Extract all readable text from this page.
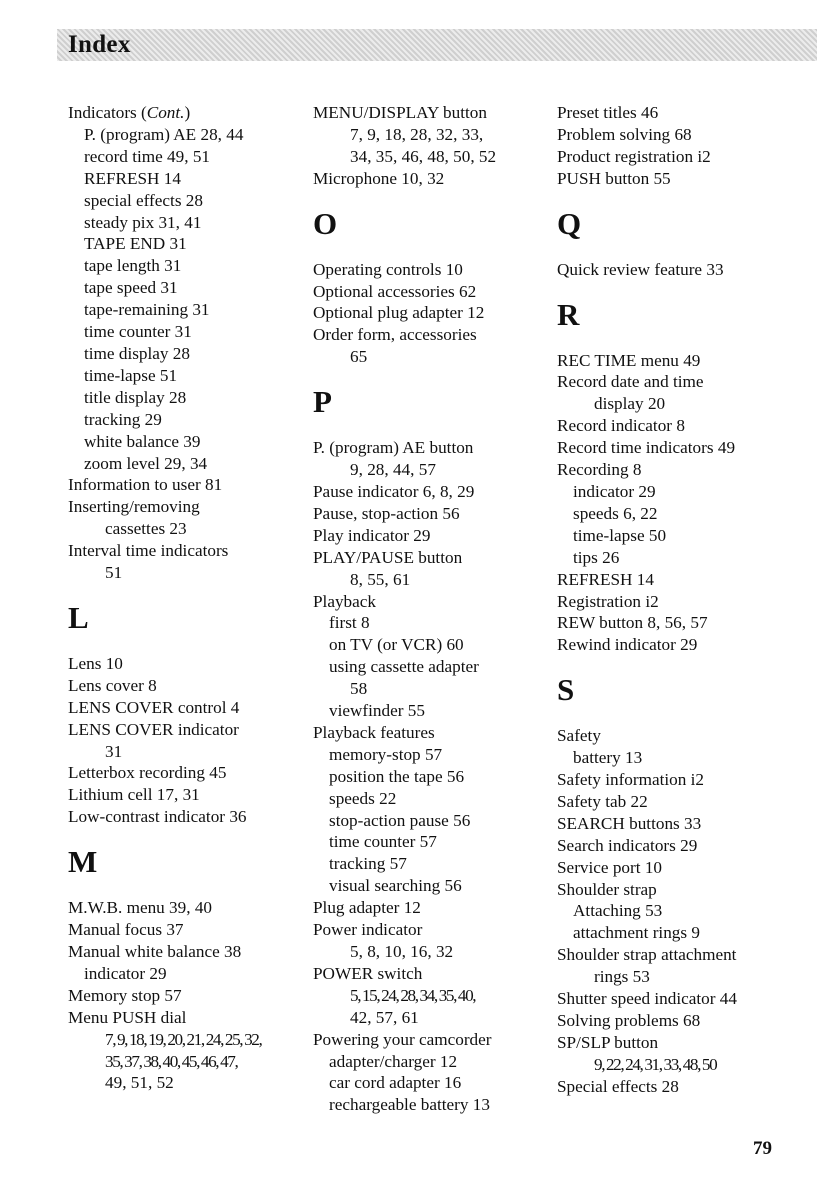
Index
Indicators (Cont.)
P. (program) AE 28, 44
record time 49, 51
REFRESH 14
special effects 28
steady pix 31, 41
TAPE END 31
tape length 31
tape speed 31
tape-remaining 31
time counter 31
time display 28
time-lapse 51
title display 28
tracking 29
white balance 39
zoom level 29, 34
Information to user 81
Inserting/removing
cassettes 23
Interval time indicators
51
L
Lens 10
Lens cover 8
LENS COVER control 4
LENS COVER indicator
31
Letterbox recording 45
Lithium cell 17, 31
Low-contrast indicator 36
M
M.W.B. menu 39, 40
Manual focus 37
Manual white balance 38
indicator 29
Memory stop 57
Menu PUSH dial
7, 9, 18, 19, 20, 21, 24, 25, 32,
35, 37, 38, 40, 45, 46, 47,
49, 51, 52
MENU/DISPLAY button
7, 9, 18, 28, 32, 33,
34, 35, 46, 48, 50, 52
Microphone 10, 32
O
Operating controls 10
Optional accessories 62
Optional plug adapter 12
Order form, accessories
65
P
P. (program) AE button
9, 28, 44, 57
Pause indicator 6, 8, 29
Pause, stop-action 56
Play indicator 29
PLAY/PAUSE button
8, 55, 61
Playback
first 8
on TV (or VCR) 60
using cassette adapter
58
viewfinder 55
Playback features
memory-stop 57
position the tape 56
speeds 22
stop-action pause 56
time counter 57
tracking 57
visual searching 56
Plug adapter 12
Power indicator
5, 8, 10, 16, 32
POWER switch
5, 15, 24, 28, 34, 35, 40,
42, 57, 61
Powering your camcorder
adapter/charger 12
car cord adapter 16
rechargeable battery 13
Preset titles 46
Problem solving 68
Product registration i2
PUSH button 55
Q
Quick review feature 33
R
REC TIME menu 49
Record date and time
display 20
Record indicator 8
Record time indicators 49
Recording 8
indicator 29
speeds 6, 22
time-lapse 50
tips 26
REFRESH 14
Registration i2
REW button 8, 56, 57
Rewind indicator 29
S
Safety
battery 13
Safety information i2
Safety tab 22
SEARCH buttons 33
Search indicators 29
Service port 10
Shoulder strap
Attaching 53
attachment rings 9
Shoulder strap attachment
rings 53
Shutter speed indicator 44
Solving problems 68
SP/SLP button
9, 22, 24, 31, 33, 48, 50
Special effects 28
79
